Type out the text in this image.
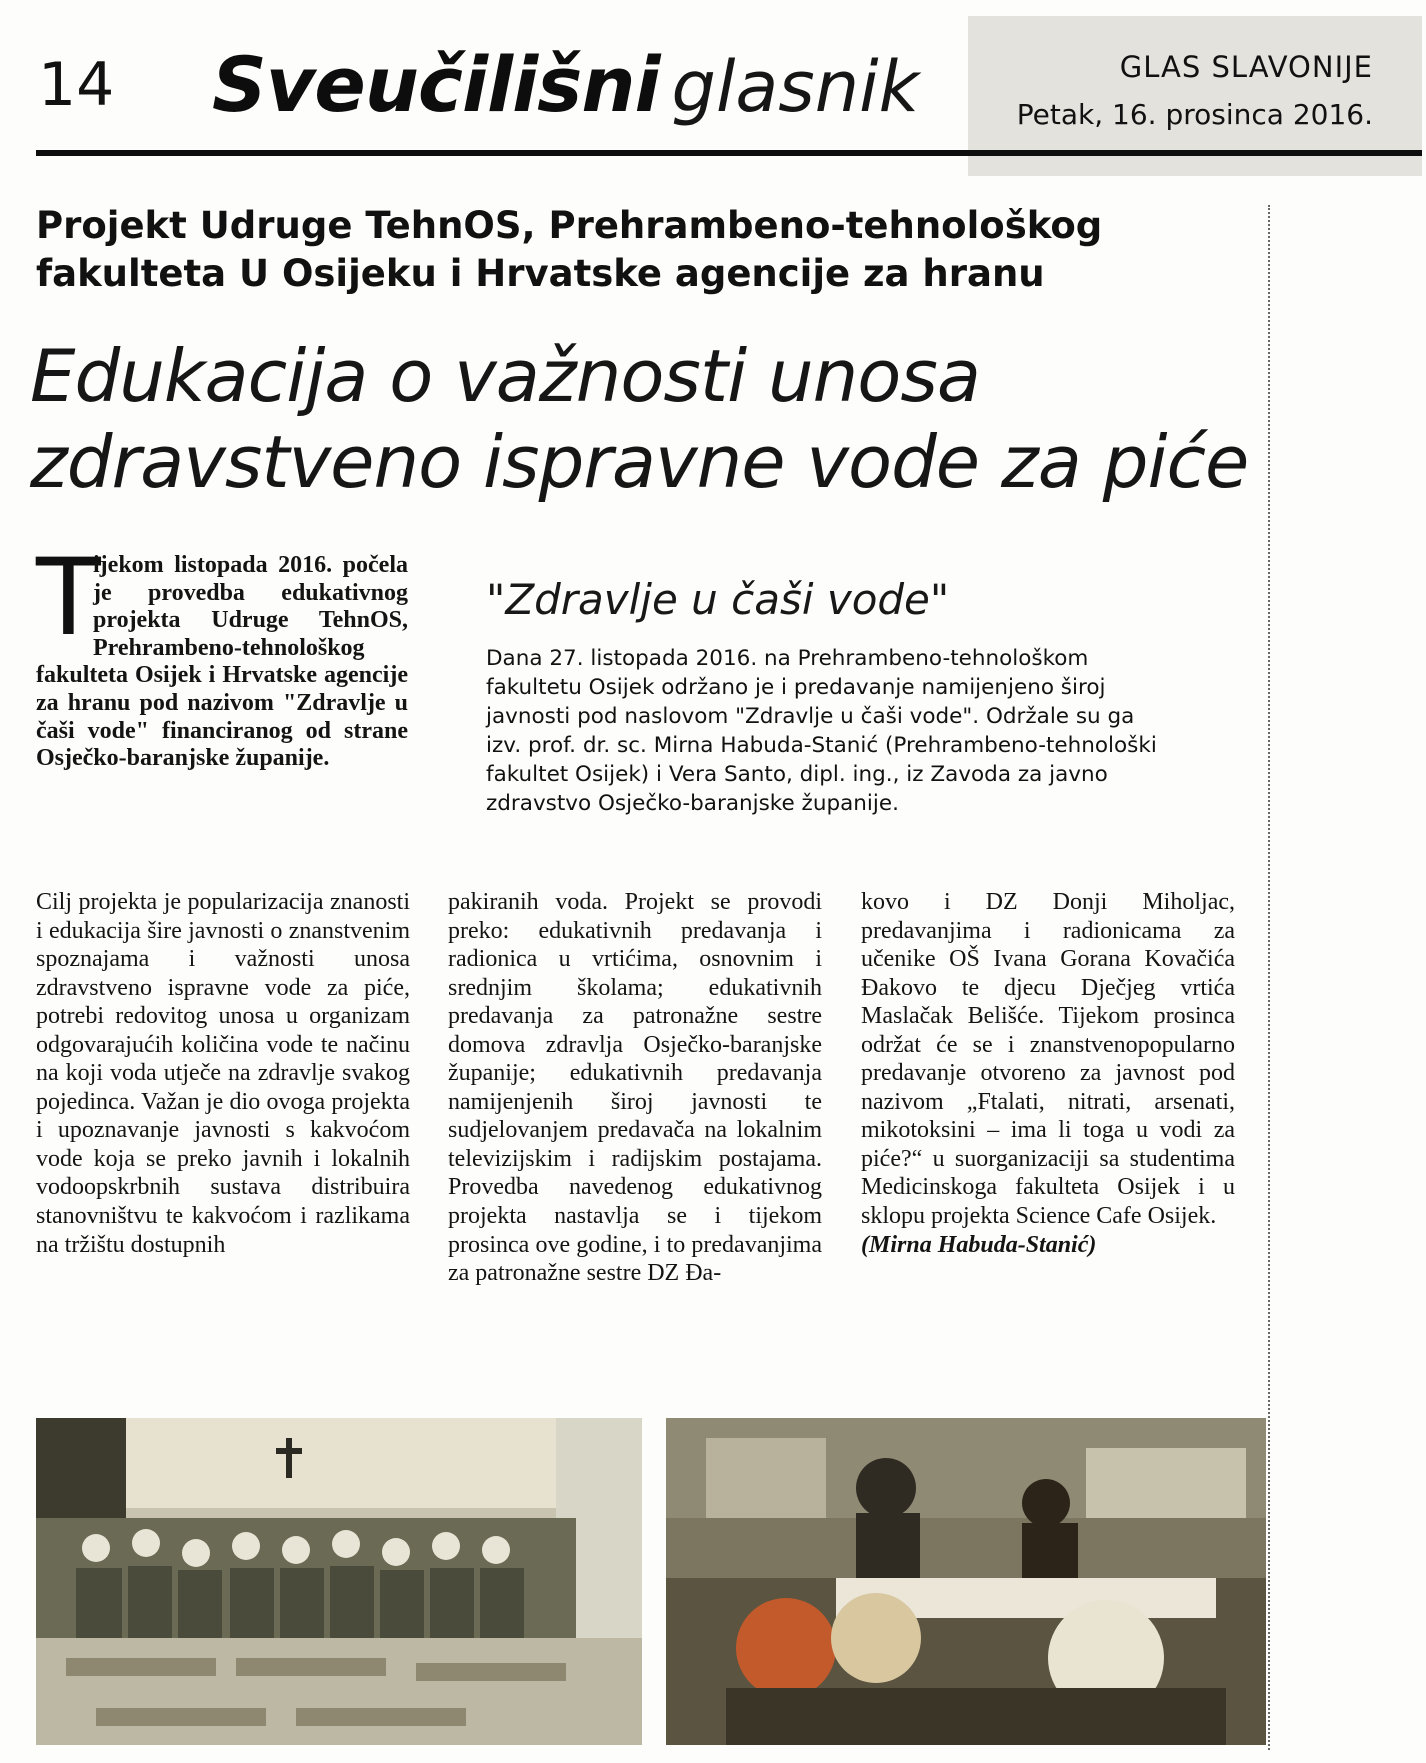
14 Sveučilišni glasnik	GLAS SLAVONIJE
Petak, 16. prosinca 2016.
Projekt Udruge TehnOS, Prehrambeno-tehnološkog fakulteta U Osijeku i Hrvatske agencije za hranu
Edukacija o važnosti unosa
zdravstveno ispravne vode za piće
T
ijekom listopada 2016. počela je provedba edukativnog projekta Udruge TehnOS, Prehrambeno-tehnološkog fakulteta Osijek i Hrvatske agencije za hranu pod nazivom "Zdravlje u čaši vode" financiranog od strane Osječko-baranjske županije.
"Zdravlje u čaši vode"
Dana 27. listopada 2016. na Prehrambeno-tehnološkom fakultetu Osijek održano je i predavanje namijenjeno široj javnosti pod naslovom "Zdravlje u čaši vode". Održale su ga izv. prof. dr. sc. Mirna Habuda-Stanić (Prehrambeno-tehnološki fakultet Osijek) i Vera Santo, dipl. ing., iz Zavoda za javno zdravstvo Osječko-baranjske županije.
Cilj projekta je popularizacija znanosti i edukacija šire javnosti o znanstvenim spoznajama i važnosti unosa zdravstveno ispravne vode za piće, potrebi redovitog unosa u organizam odgovarajućih količina vode te načinu na koji voda utječe na zdravlje svakog pojedinca. Važan je dio ovoga projekta i upoznavanje javnosti s kakvoćom vode koja se preko javnih i lokalnih vodoopskrbnih sustava distribuira stanovništvu te kakvoćom i razlikama na tržištu dostupnih
pakiranih voda. Projekt se provodi preko: edukativnih predavanja i radionica u vrtićima, osnovnim i srednjim školama; edukativnih predavanja za patronažne sestre domova zdravlja Osječko-baranjske županije; edukativnih predavanja namijenjenih široj javnosti te sudjelovanjem predavača na lokalnim televizijskim i radijskim postajama. Provedba navedenog edukativnog projekta nastavlja se i tijekom prosinca ove godine, i to predavanjima za patronažne sestre DZ Đa-
kovo i DZ Donji Miholjac, predavanjima i radionicama za učenike OŠ Ivana Gorana Kovačića Đakovo te djecu Dječjeg vrtića Maslačak Belišće. Tijekom prosinca održat će se i znanstvenopopularno predavanje otvoreno za javnost pod nazivom „Ftalati, nitrati, arsenati, mikotoksini – ima li toga u vodi za piće?“ u suorganizaciji sa studentima Medicinskoga fakulteta Osijek i u sklopu projekta Science Cafe Osijek.
(Mirna Habuda-Stanić)
